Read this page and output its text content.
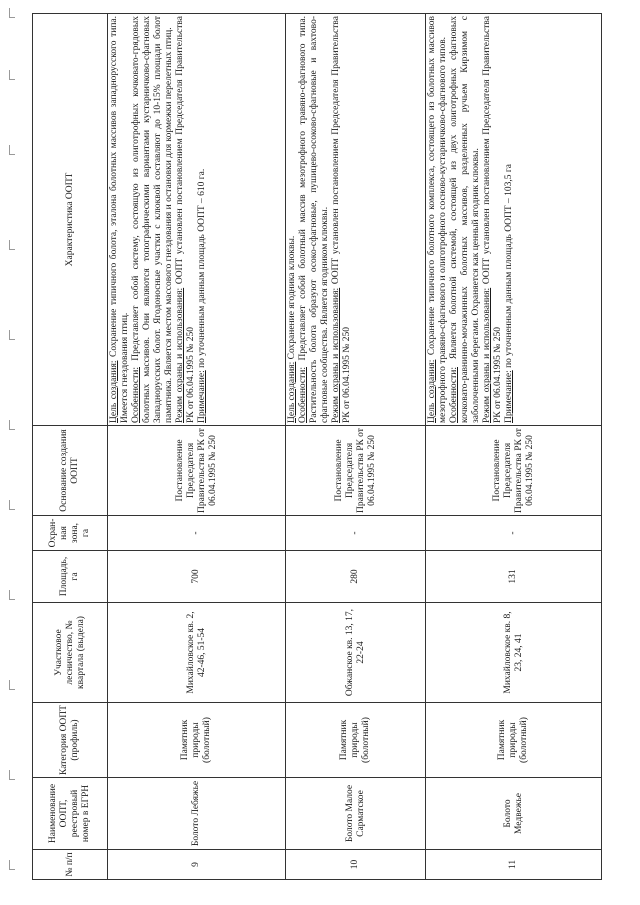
№ п/п	Наименование ООПТ, реестровый номер в ЕГРН	Категория ООПТ (профиль)	Участковое лесничество, № квартала (выдела)	Площадь, га	Охран-ная зона, га	Основание создания ООПТ	Характеристика ООПТ
9	Болото Лебяжье	Памятник природы (болотный)	Михайловское кв. 2, 42-46, 51-54	700	-	Постановление Председателя Правительства РК от 06.04.1995 № 250	Цель создания: Сохранение типичного болота, эталона болотных массивов западнорусского типа. Имеется гнездования птиц.
Особенности: Представляет собой систему, состоящую из олиготрофных кочковато-грядовых болотных массивов. Они являются топографическими вариантами кустарничково-сфагновых Западнорусских болот. Ягодоносные участки с клюквой составляют до 10-15% площади болот памятника. Является местом массового гнездования и остановки для кормежки перелетных птиц.
Режим охраны и использования: ООПТ установлен постановлением Председателя Правительства РК от 06.04.1995 № 250
Примечание: по уточненным данным площадь ООПТ – 610 га.
10	Болото Малое Сарматское	Памятник природы (болотный)	Обжанское кв. 13, 17, 22-24	280	-	Постановление Председателя Правительства РК от 06.04.1995 № 250	Цель создания: Сохранение ягодника клюквы.
Особенности: Представляет собой болотный массив мезотрофного травяно-сфагнового типа. Растительность болота образуют осоко-сфагновые, пушицево-осоково-сфагновые и вахтово-сфагновые сообщества. Является ягодником клюквы.
Режим охраны и использования: ООПТ установлен постановлением Председателя Правительства РК от 06.04.1995 № 250
11	Болото Медвежье	Памятник природы (болотный)	Михайловское кв. 8, 23, 24, 41	131	-	Постановление Председателя Правительства РК от 06.04.1995 № 250	Цель создания: Сохранение типичного болотного комплекса, состоящего из болотных массивов мезотрофного травяно-сфагнового и олиготрофного сосново-кустарничково-сфагнового типов.
Особенности: Является болотной системой, состоящей из двух олиготрофных сфагновых кочковато-равнинно-мочажинных болотных массивов, разделенных ручьем Кирзимом с заболоченными берегами. Охраняется как ценный ягодник клюквы.
Режим охраны и использования: ООПТ установлен постановлением Председателя Правительства РК от 06.04.1995 № 250
Примечание: по уточненным данным площадь ООПТ – 103,5 га
